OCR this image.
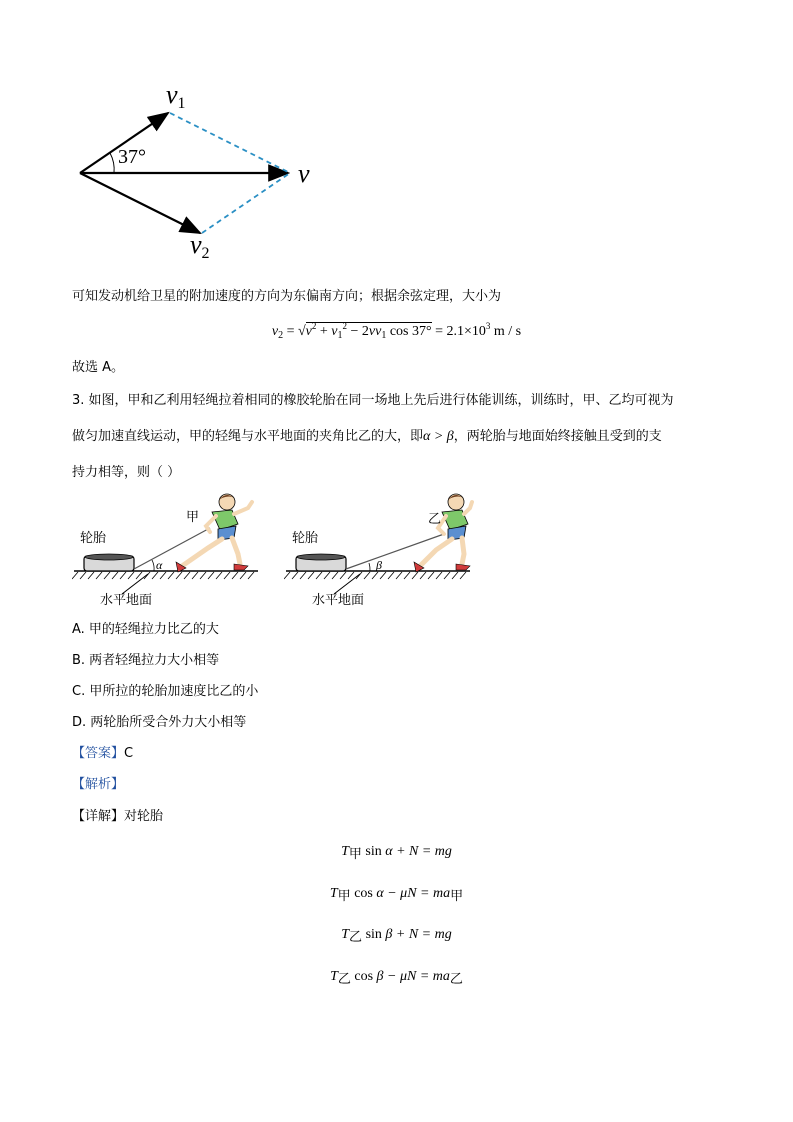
v1
37°
v
v2
可知发动机给卫星的附加速度的方向为东偏南方向；根据余弦定理，大小为
$v_2 = √v^2 + v_1^2 - 2vv_1$ $\cos 37^\circ = 2.1\times 10^3$ m / s
故选 A。
3. 如图，甲和乙利用轻绳拉着相同的橡胶轮胎在同一场地上先后进行体能训练，训练时，甲、乙均可视为
做匀加速直线运动，甲的轻绳与水平地面的夹角比乙的大，即α > β，两轮胎与地面始终接触且受到的支
持力相等，则（ ）
轮胎
甲
α
水平地面
轮胎
乙
β
水平地面
A. 甲的轻绳拉力比乙的大
B. 两者轻绳拉力大小相等
C. 甲所拉的轮胎加速度比乙的小
D. 两轮胎所受合外力大小相等
【答案】C
【解析】
【详解】对轮胎
T甲 sin α + N = mg
T甲 cos α − μN = ma甲
T乙 sin β + N = mg
T乙 cos β − μN = ma乙
